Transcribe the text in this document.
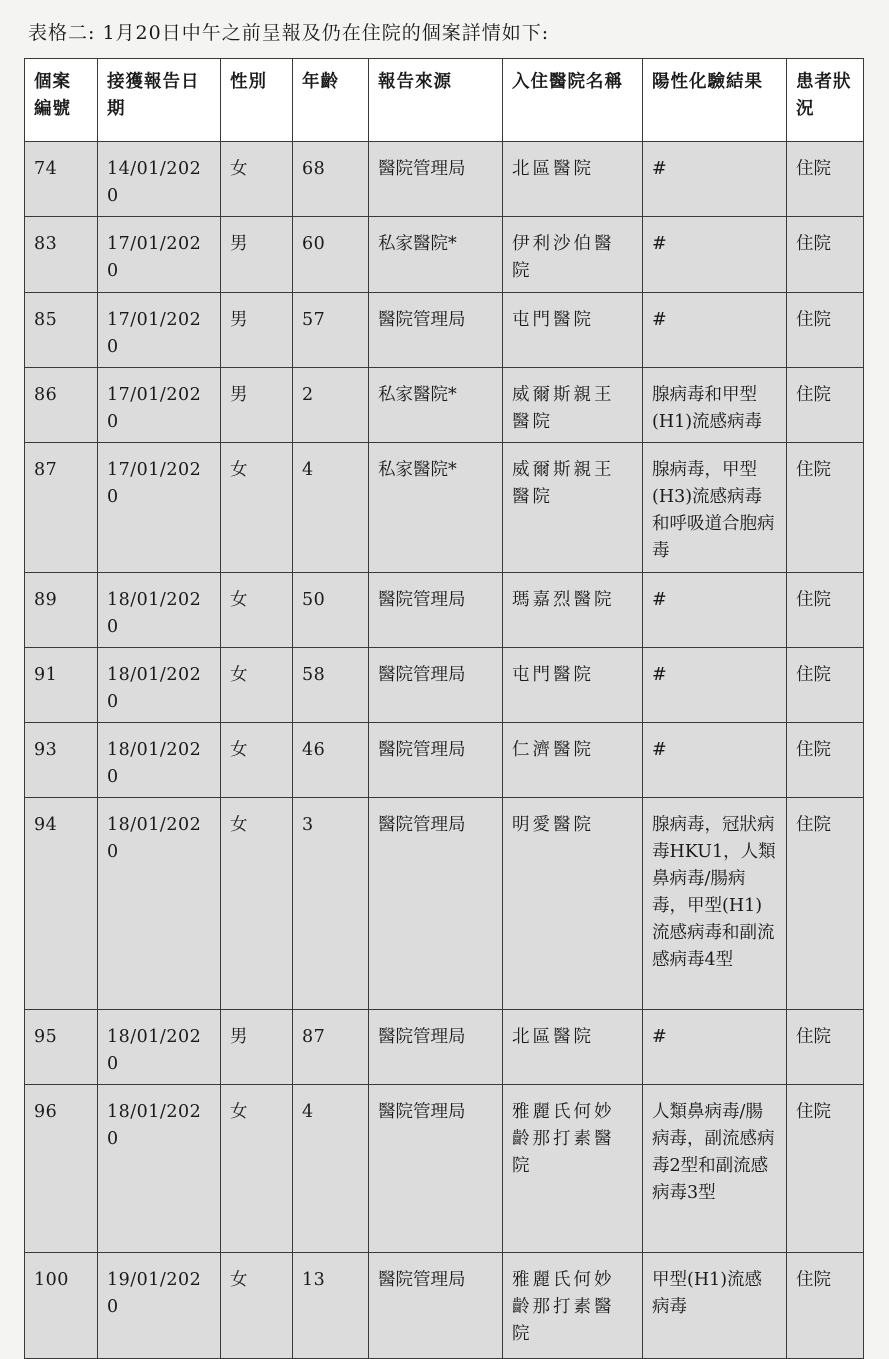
表格二: 1月20日中午之前呈報及仍在住院的個案詳情如下:
個案編號	接獲報告日期	性別	年齡	報告來源	入住醫院名稱	陽性化驗結果	患者狀況
74	14/01/2020	女	68	醫院管理局	北區醫院	#	住院
83	17/01/2020	男	60	私家醫院*	伊利沙伯醫院	#	住院
85	17/01/2020	男	57	醫院管理局	屯門醫院	#	住院
86	17/01/2020	男	2	私家醫院*	威爾斯親王醫院	腺病毒和甲型(H1)流感病毒	住院
87	17/01/2020	女	4	私家醫院*	威爾斯親王醫院	腺病毒，甲型(H3)流感病毒和呼吸道合胞病毒	住院
89	18/01/2020	女	50	醫院管理局	瑪嘉烈醫院	#	住院
91	18/01/2020	女	58	醫院管理局	屯門醫院	#	住院
93	18/01/2020	女	46	醫院管理局	仁濟醫院	#	住院
94	18/01/2020	女	3	醫院管理局	明愛醫院	腺病毒，冠狀病毒HKU1，人類鼻病毒/腸病毒，甲型(H1)流感病毒和副流感病毒4型	住院
95	18/01/2020	男	87	醫院管理局	北區醫院	#	住院
96	18/01/2020	女	4	醫院管理局	雅麗氏何妙齡那打素醫院	人類鼻病毒/腸病毒，副流感病毒2型和副流感病毒3型	住院
100	19/01/2020	女	13	醫院管理局	雅麗氏何妙齡那打素醫院	甲型(H1)流感病毒	住院
